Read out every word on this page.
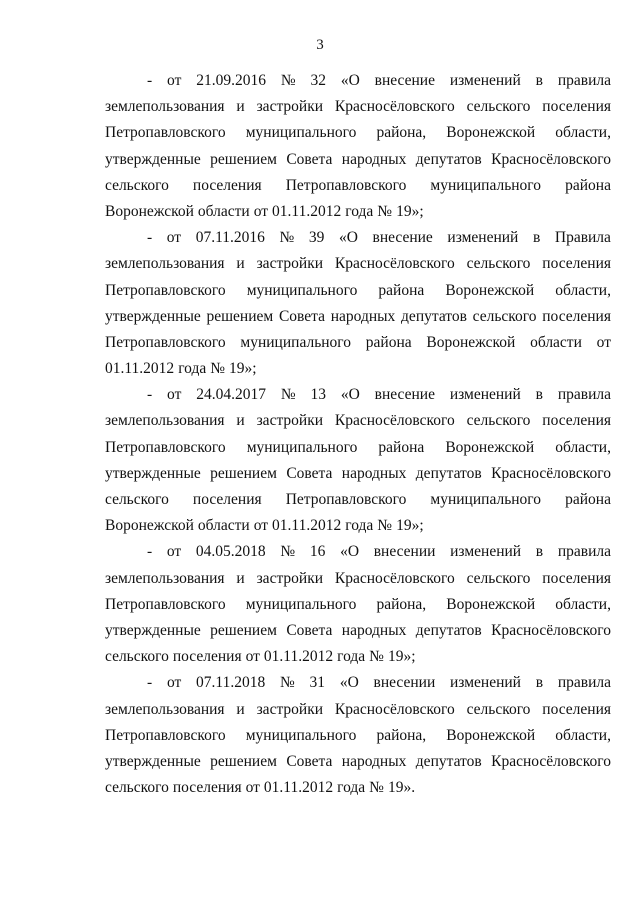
3
- от 21.09.2016 № 32 «О внесение изменений в правила
землепользования и застройки Красносёловского сельского поселения
Петропавловского муниципального района, Воронежской области,
утвержденные решением Совета народных депутатов Красносёловского
сельского поселения Петропавловского муниципального района
Воронежской области от 01.11.2012 года № 19»;
- от 07.11.2016 № 39 «О внесение изменений в Правила
землепользования и застройки Красносёловского сельского поселения
Петропавловского муниципального района Воронежской области,
утвержденные решением Совета народных депутатов сельского поселения
Петропавловского муниципального района Воронежской области от
01.11.2012 года № 19»;
- от 24.04.2017 № 13 «О внесение изменений в правила
землепользования и застройки Красносёловского сельского поселения
Петропавловского муниципального района Воронежской области,
утвержденные решением Совета народных депутатов Красносёловского
сельского поселения Петропавловского муниципального района
Воронежской области от 01.11.2012 года № 19»;
- от 04.05.2018 № 16 «О внесении изменений в правила
землепользования и застройки Красносёловского сельского поселения
Петропавловского муниципального района, Воронежской области,
утвержденные решением Совета народных депутатов Красносёловского
сельского поселения от 01.11.2012 года № 19»;
- от 07.11.2018 № 31 «О внесении изменений в правила
землепользования и застройки Красносёловского сельского поселения
Петропавловского муниципального района, Воронежской области,
утвержденные решением Совета народных депутатов Красносёловского
сельского поселения от 01.11.2012 года № 19».
